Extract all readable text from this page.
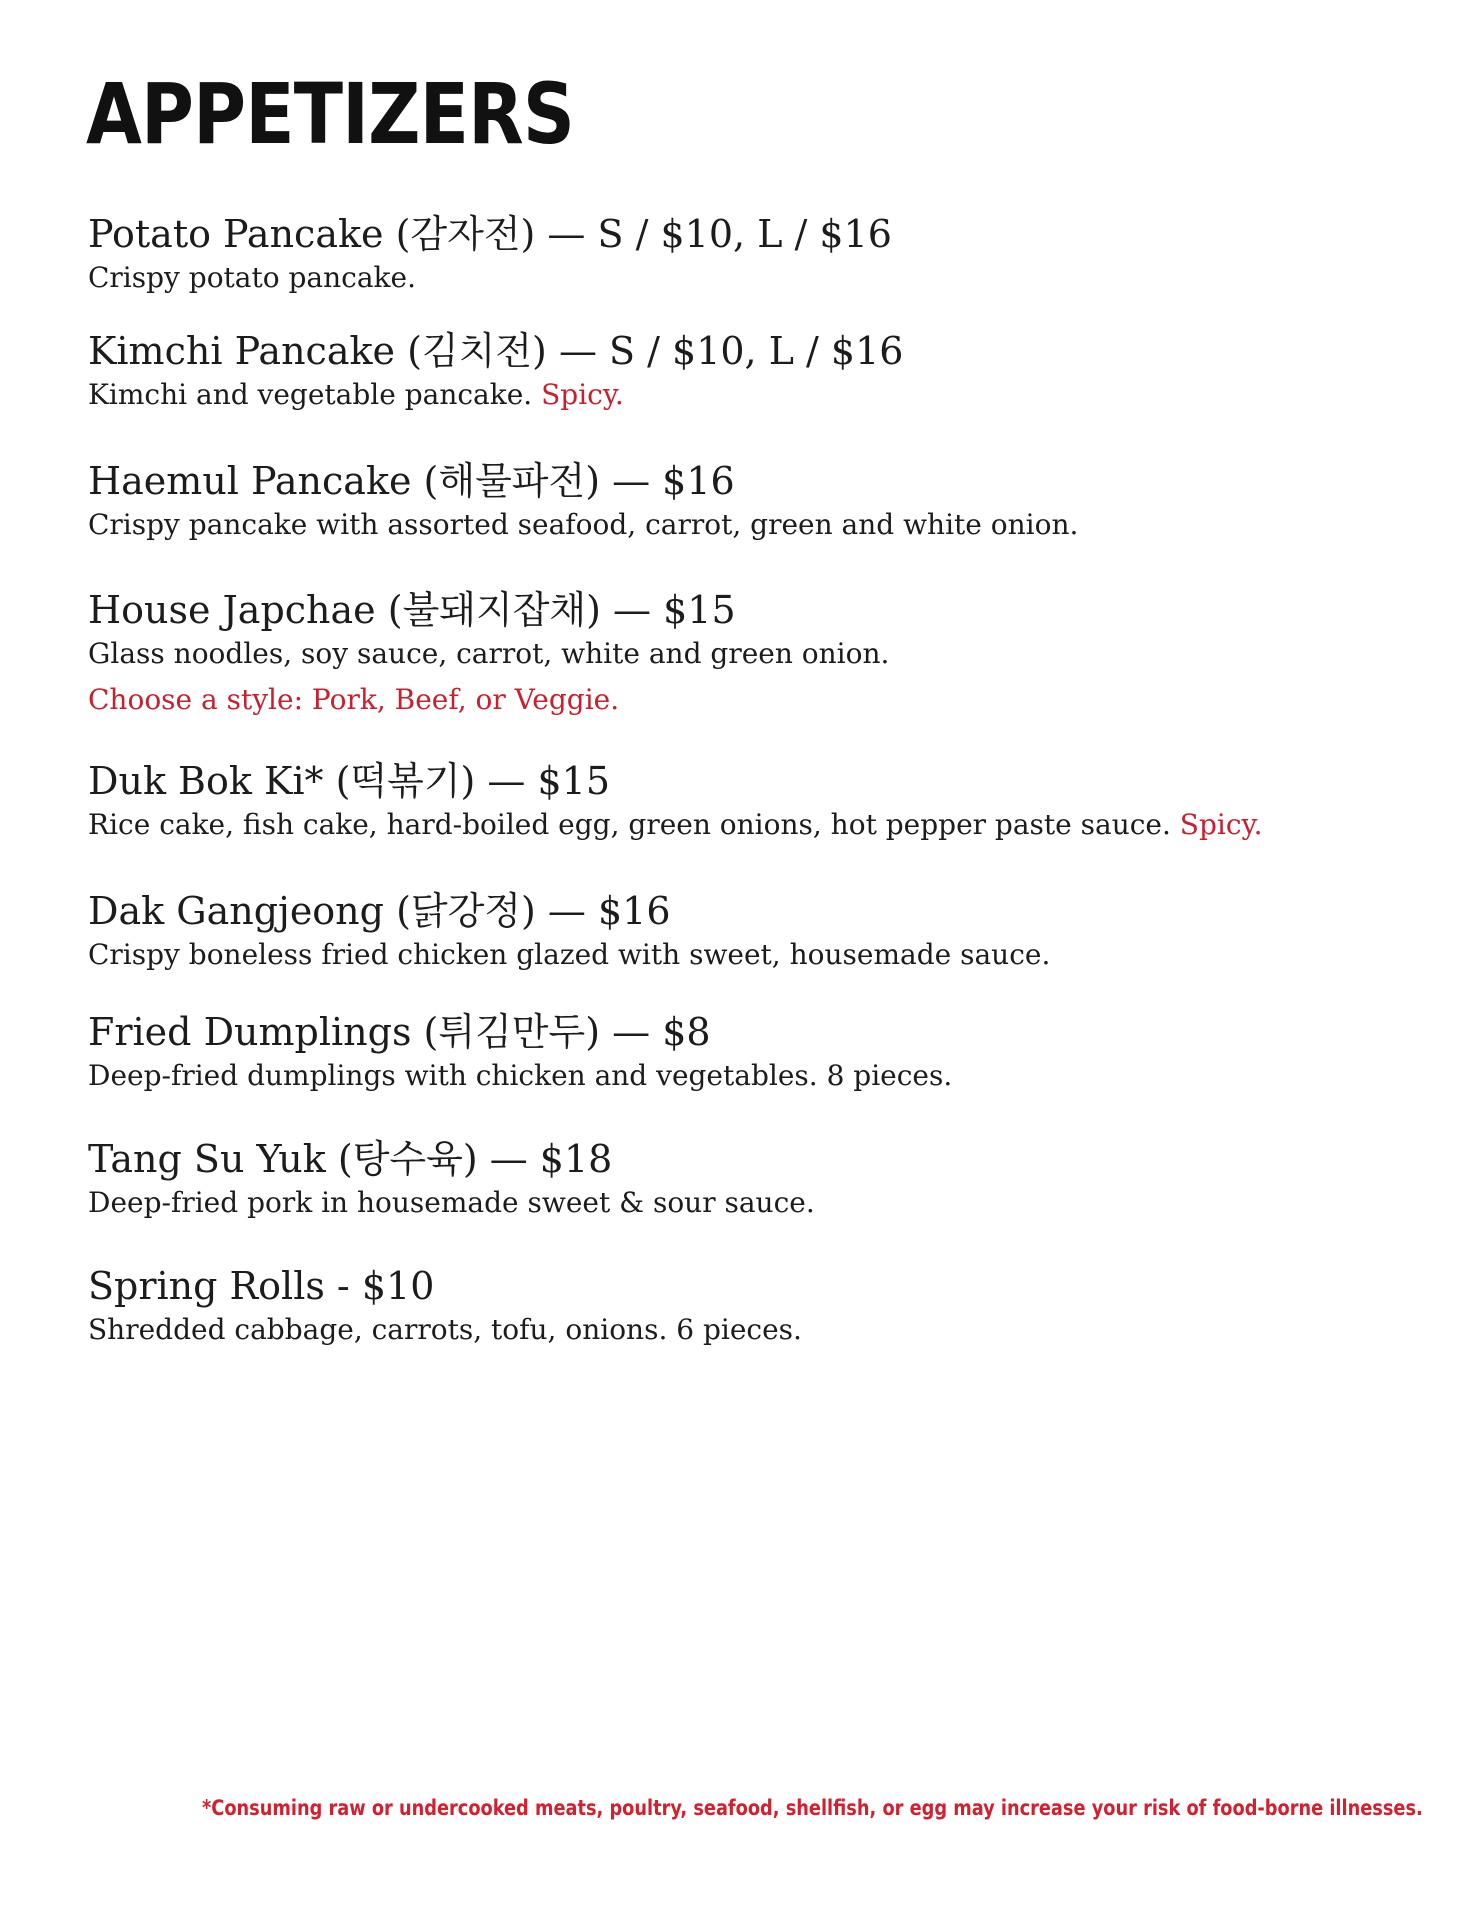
APPETIZERS
Potato Pancake (감자전) — S / $10, L / $16
Crispy potato pancake.
Kimchi Pancake (김치전) — S / $10, L / $16
Kimchi and vegetable pancake. Spicy.
Haemul Pancake (해물파전) — $16
Crispy pancake with assorted seafood, carrot, green and white onion.
House Japchae (불돼지잡채) — $15
Glass noodles, soy sauce, carrot, white and green onion.
Choose a style: Pork, Beef, or Veggie.
Duk Bok Ki* (떡볶기) — $15
Rice cake, fish cake, hard-boiled egg, green onions, hot pepper paste sauce. Spicy.
Dak Gangjeong (닭강정) — $16
Crispy boneless fried chicken glazed with sweet, housemade sauce.
Fried Dumplings (튀김만두) — $8
Deep-fried dumplings with chicken and vegetables. 8 pieces.
Tang Su Yuk (탕수육) — $18
Deep-fried pork in housemade sweet & sour sauce.
Spring Rolls - $10
Shredded cabbage, carrots, tofu, onions. 6 pieces.
*Consuming raw or undercooked meats, poultry, seafood, shellfish, or egg may increase your risk of food-borne illnesses.
